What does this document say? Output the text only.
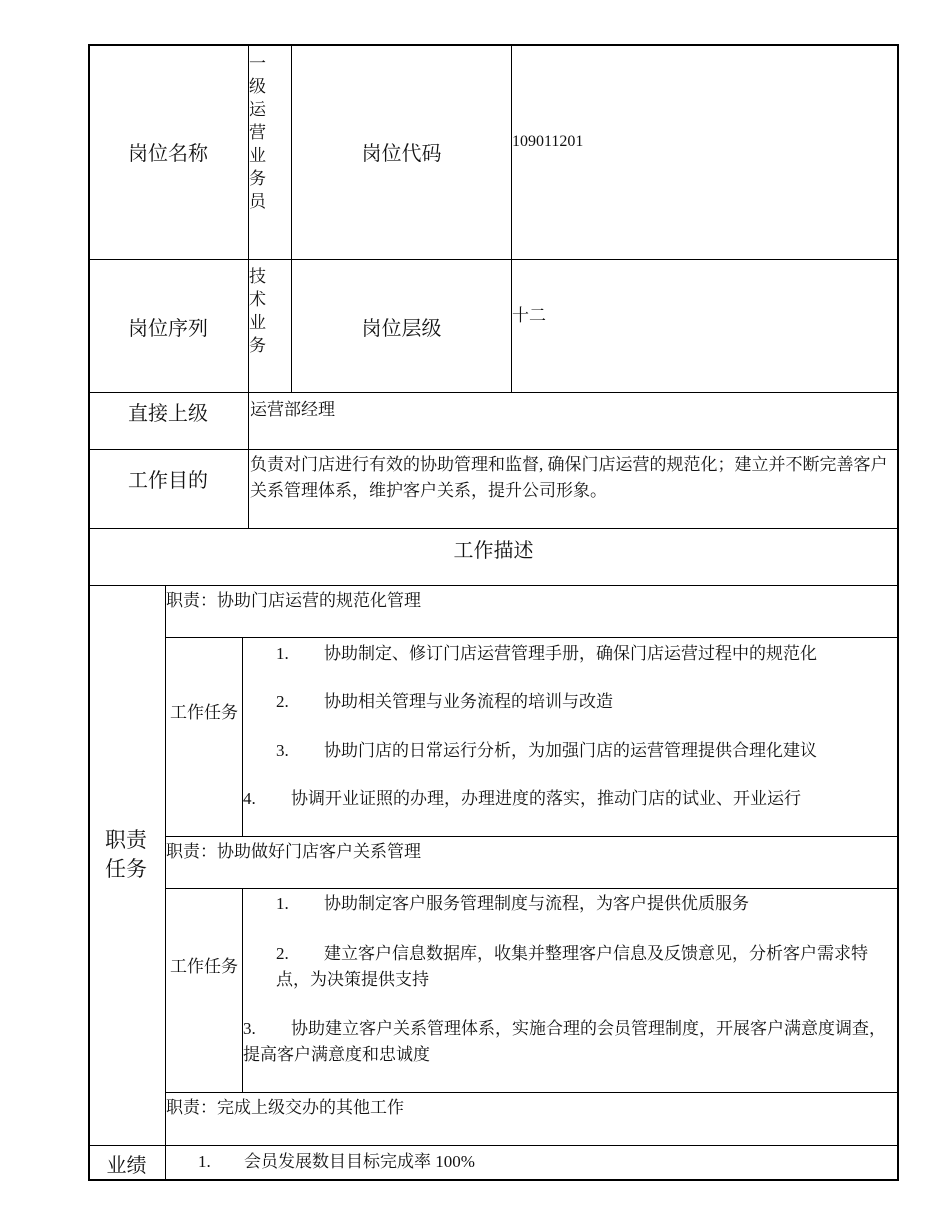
岗位名称
一级运营业务员
岗位代码
109011201
岗位序列
技术业务
岗位层级
十二
直接上级	运营部经理
工作目的
负责对门店进行有效的协助管理和监督, 确保门店运营的规范化；建立并不断完善客户关系管理体系，维护客户关系，提升公司形象。
工作描述
职责任务
职责：协助门店运营的规范化管理
工作任务
1. 协助制定、修订门店运营管理手册，确保门店运营过程中的规范化
2. 协助相关管理与业务流程的培训与改造
3. 协助门店的日常运行分析，为加强门店的运营管理提供合理化建议
4. 协调开业证照的办理，办理进度的落实，推动门店的试业、开业运行
职责：协助做好门店客户关系管理
工作任务
1. 协助制定客户服务管理制度与流程，为客户提供优质服务
2. 建立客户信息数据库，收集并整理客户信息及反馈意见，分析客户需求特点，为决策提供支持
3. 协助建立客户关系管理体系，实施合理的会员管理制度，开展客户满意度调查，提高客户满意度和忠诚度
职责：完成上级交办的其他工作
业绩	1. 会员发展数目目标完成率 100%
